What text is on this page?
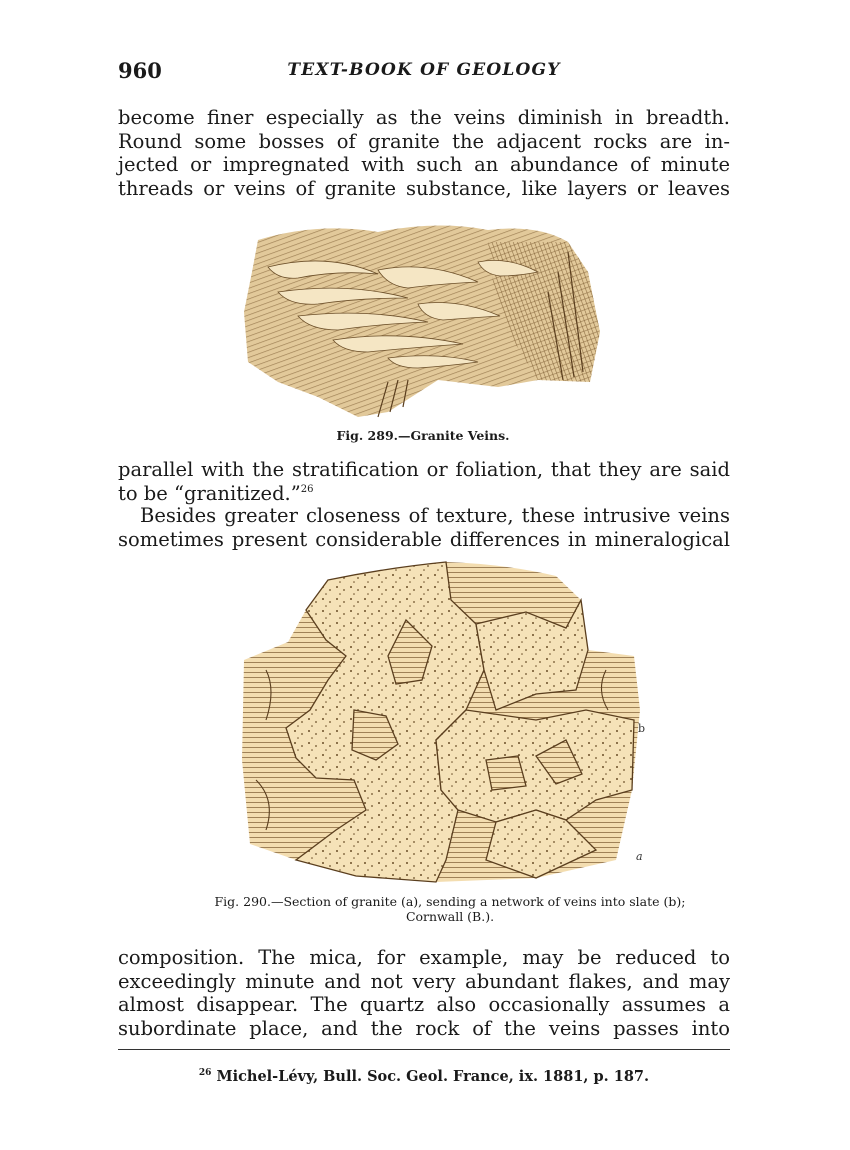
960	TEXT-BOOK OF GEOLOGY
become finer especially as the veins diminish in breadth.
Round some bosses of granite the adjacent rocks are in-
jected or impregnated with such an abundance of minute
threads or veins of granite substance, like layers or leaves
Fig. 289.—Granite Veins.
parallel with the stratification or foliation, that they are said
to be “granitized.”$^{26}$
Besides greater closeness of texture, these intrusive veins
sometimes present considerable differences in mineralogical
b
a
Fig. 290.—Section of granite (a), sending a network of veins into slate (b);
Cornwall (B.).
composition. The mica, for example, may be reduced to
exceedingly minute and not very abundant flakes, and may
almost disappear. The quartz also occasionally assumes a
subordinate place, and the rock of the veins passes into
$^{26}$ Michel-Lévy, Bull. Soc. Geol. France, ix. 1881, p. 187.
